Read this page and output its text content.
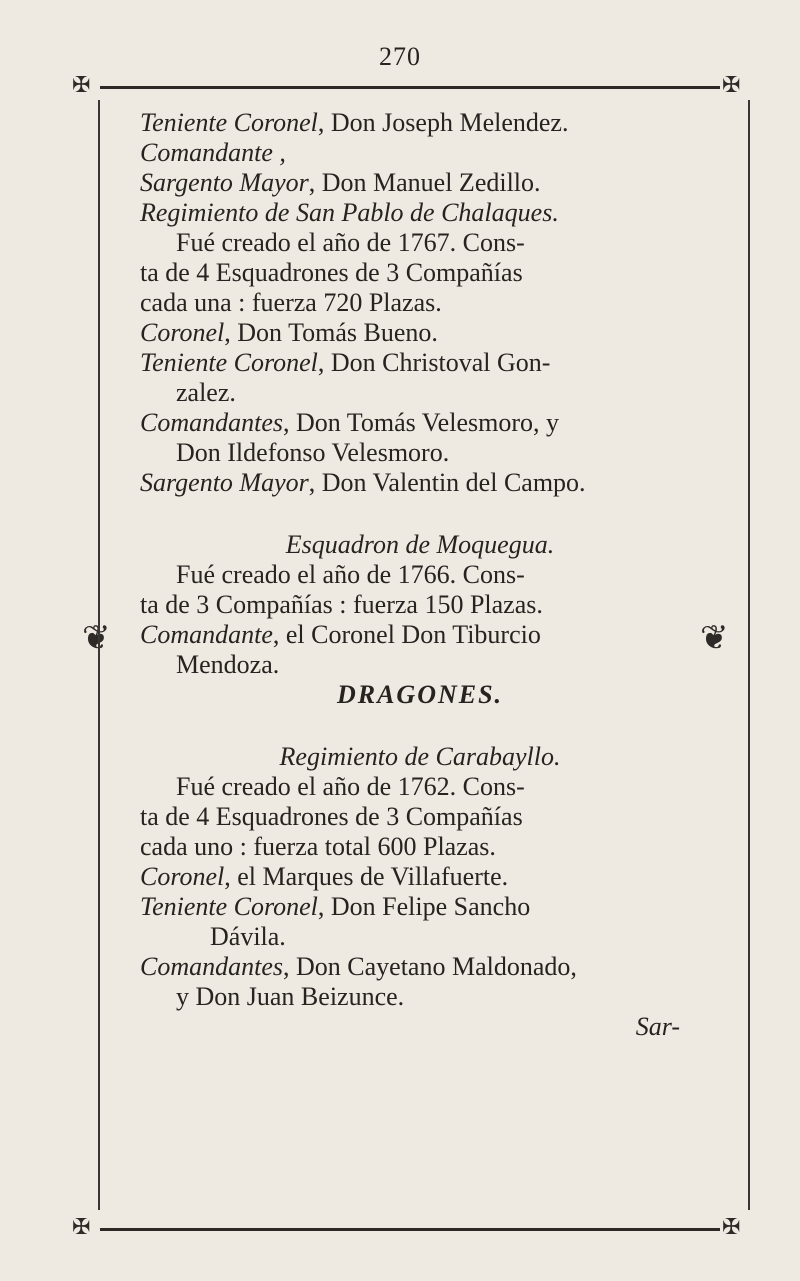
270
✠	✠
✠	✠
❦	❦
Teniente Coronel, Don Joseph Melendez.
Comandante ,
Sargento Mayor, Don Manuel Zedillo.
Regimiento de San Pablo de Chalaques.
Fué creado el año de 1767. Cons-
ta de 4 Esquadrones de 3 Compañías
cada una : fuerza 720 Plazas.
Coronel, Don Tomás Bueno.
Teniente Coronel, Don Christoval Gon-
zalez.
Comandantes, Don Tomás Velesmoro, y
Don Ildefonso Velesmoro.
Sargento Mayor, Don Valentin del Campo.
Esquadron de Moquegua.
Fué creado el año de 1766. Cons-
ta de 3 Compañías : fuerza 150 Plazas.
Comandante, el Coronel Don Tiburcio
Mendoza.
DRAGONES.
Regimiento de Carabayllo.
Fué creado el año de 1762. Cons-
ta de 4 Esquadrones de 3 Compañías
cada uno : fuerza total 600 Plazas.
Coronel, el Marques de Villafuerte.
Teniente Coronel, Don Felipe Sancho
Dávila.
Comandantes, Don Cayetano Maldonado,
y Don Juan Beizunce.
Sar-
